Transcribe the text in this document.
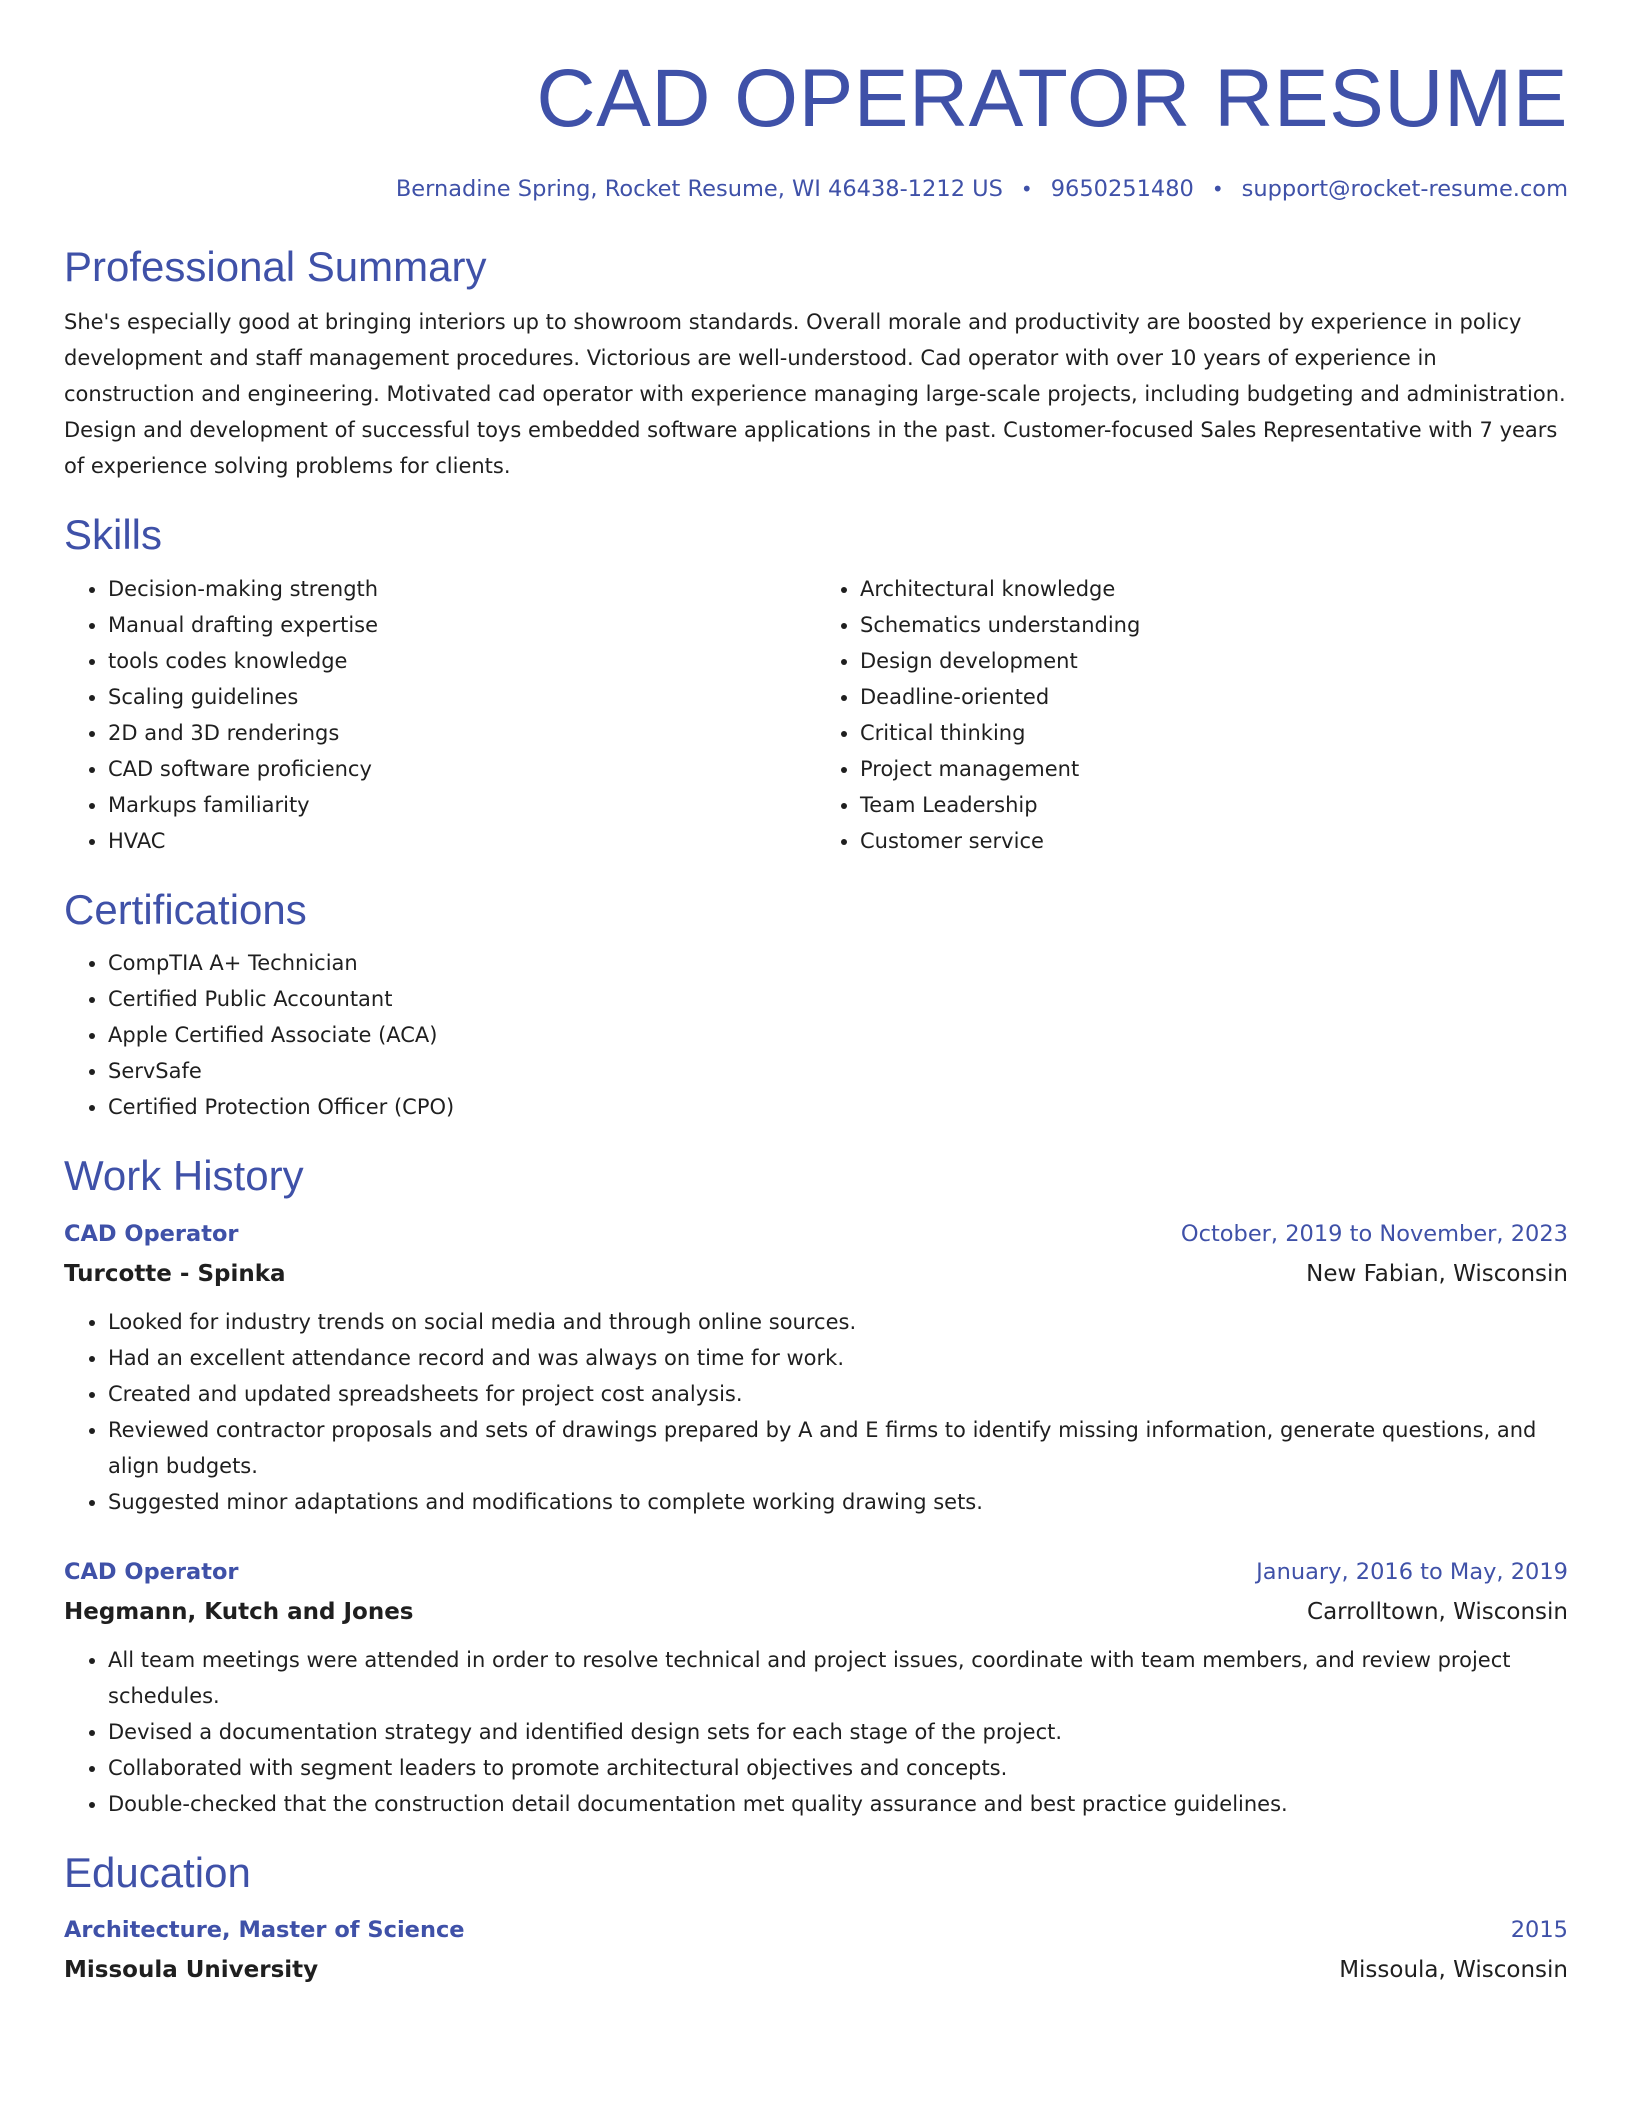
CAD OPERATOR RESUME
Bernadine Spring, Rocket Resume, WI 46438-1212 US • 9650251480 • support@rocket-resume.com
Professional Summary
She's especially good at bringing interiors up to showroom standards. Overall morale and productivity are boosted by experience in policy development and staff management procedures. Victorious are well-understood. Cad operator with over 10 years of experience in construction and engineering. Motivated cad operator with experience managing large-scale projects, including budgeting and administration. Design and development of successful toys embedded software applications in the past. Customer-focused Sales Representative with 7 years of experience solving problems for clients.
Skills
• Decision-making strength
• Manual drafting expertise
• tools codes knowledge
• Scaling guidelines
• 2D and 3D renderings
• CAD software proficiency
• Markups familiarity
• HVAC
• Architectural knowledge
• Schematics understanding
• Design development
• Deadline-oriented
• Critical thinking
• Project management
• Team Leadership
• Customer service
Certifications
• CompTIA A+ Technician
• Certified Public Accountant
• Apple Certified Associate (ACA)
• ServSafe
• Certified Protection Officer (CPO)
Work History
CAD Operator	October, 2019 to November, 2023
Turcotte - Spinka	New Fabian, Wisconsin
• Looked for industry trends on social media and through online sources.
• Had an excellent attendance record and was always on time for work.
• Created and updated spreadsheets for project cost analysis.
• Reviewed contractor proposals and sets of drawings prepared by A and E firms to identify missing information, generate questions, and align budgets.
• Suggested minor adaptations and modifications to complete working drawing sets.
CAD Operator	January, 2016 to May, 2019
Hegmann, Kutch and Jones	Carrolltown, Wisconsin
• All team meetings were attended in order to resolve technical and project issues, coordinate with team members, and review project schedules.
• Devised a documentation strategy and identified design sets for each stage of the project.
• Collaborated with segment leaders to promote architectural objectives and concepts.
• Double-checked that the construction detail documentation met quality assurance and best practice guidelines.
Education
Architecture, Master of Science	2015
Missoula University	Missoula, Wisconsin
